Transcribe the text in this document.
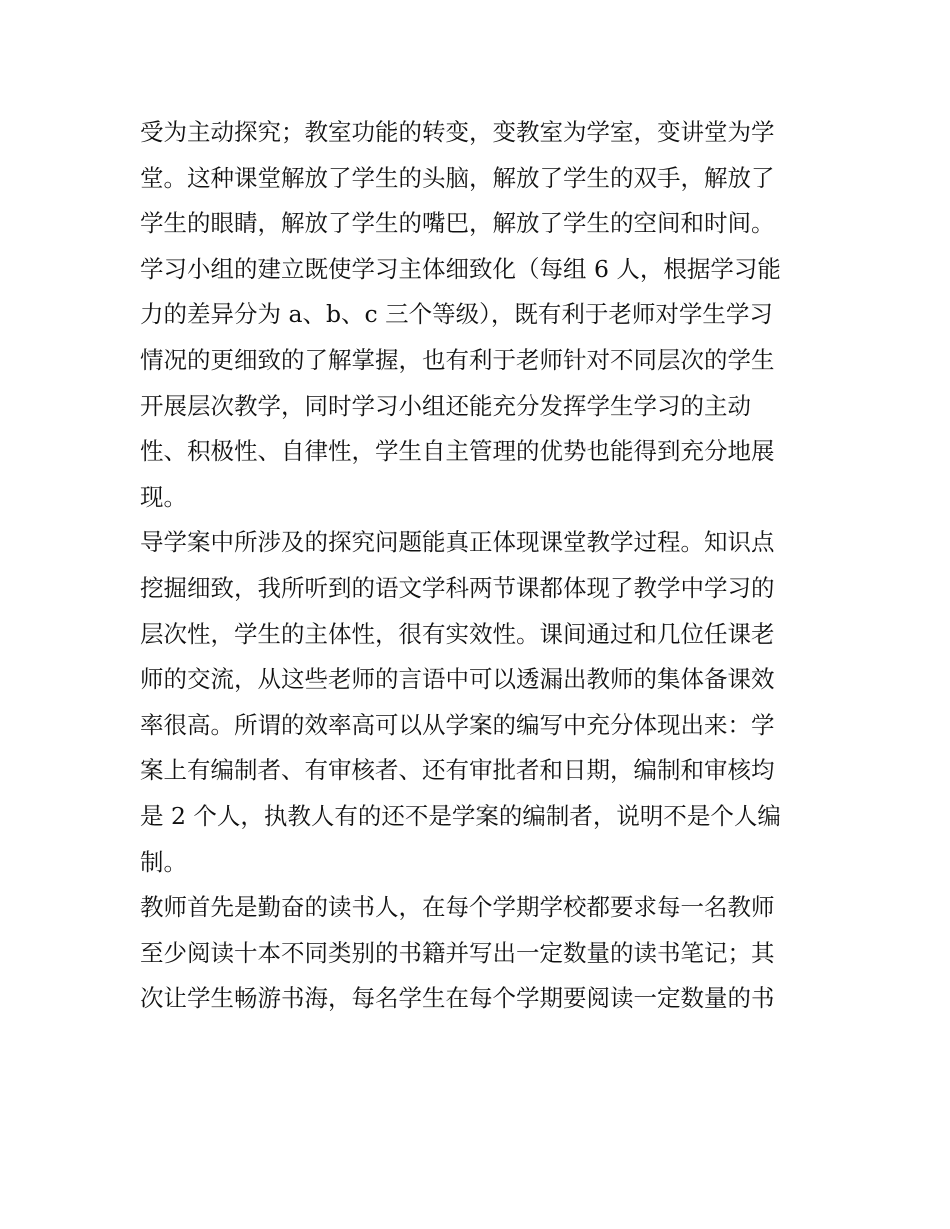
受为主动探究；教室功能的转变，变教室为学室，变讲堂为学
堂。这种课堂解放了学生的头脑，解放了学生的双手，解放了
学生的眼睛，解放了学生的嘴巴，解放了学生的空间和时间。
学习小组的建立既使学习主体细致化（每组 6 人，根据学习能
力的差异分为 a、b、c 三个等级），既有利于老师对学生学习
情况的更细致的了解掌握，也有利于老师针对不同层次的学生
开展层次教学，同时学习小组还能充分发挥学生学习的主动
性、积极性、自律性，学生自主管理的优势也能得到充分地展
现。
导学案中所涉及的探究问题能真正体现课堂教学过程。知识点
挖掘细致，我所听到的语文学科两节课都体现了教学中学习的
层次性，学生的主体性，很有实效性。课间通过和几位任课老
师的交流，从这些老师的言语中可以透漏出教师的集体备课效
率很高。所谓的效率高可以从学案的编写中充分体现出来：学
案上有编制者、有审核者、还有审批者和日期，编制和审核均
是 2 个人，执教人有的还不是学案的编制者，说明不是个人编
制。
教师首先是勤奋的读书人，在每个学期学校都要求每一名教师
至少阅读十本不同类别的书籍并写出一定数量的读书笔记；其
次让学生畅游书海，每名学生在每个学期要阅读一定数量的书
